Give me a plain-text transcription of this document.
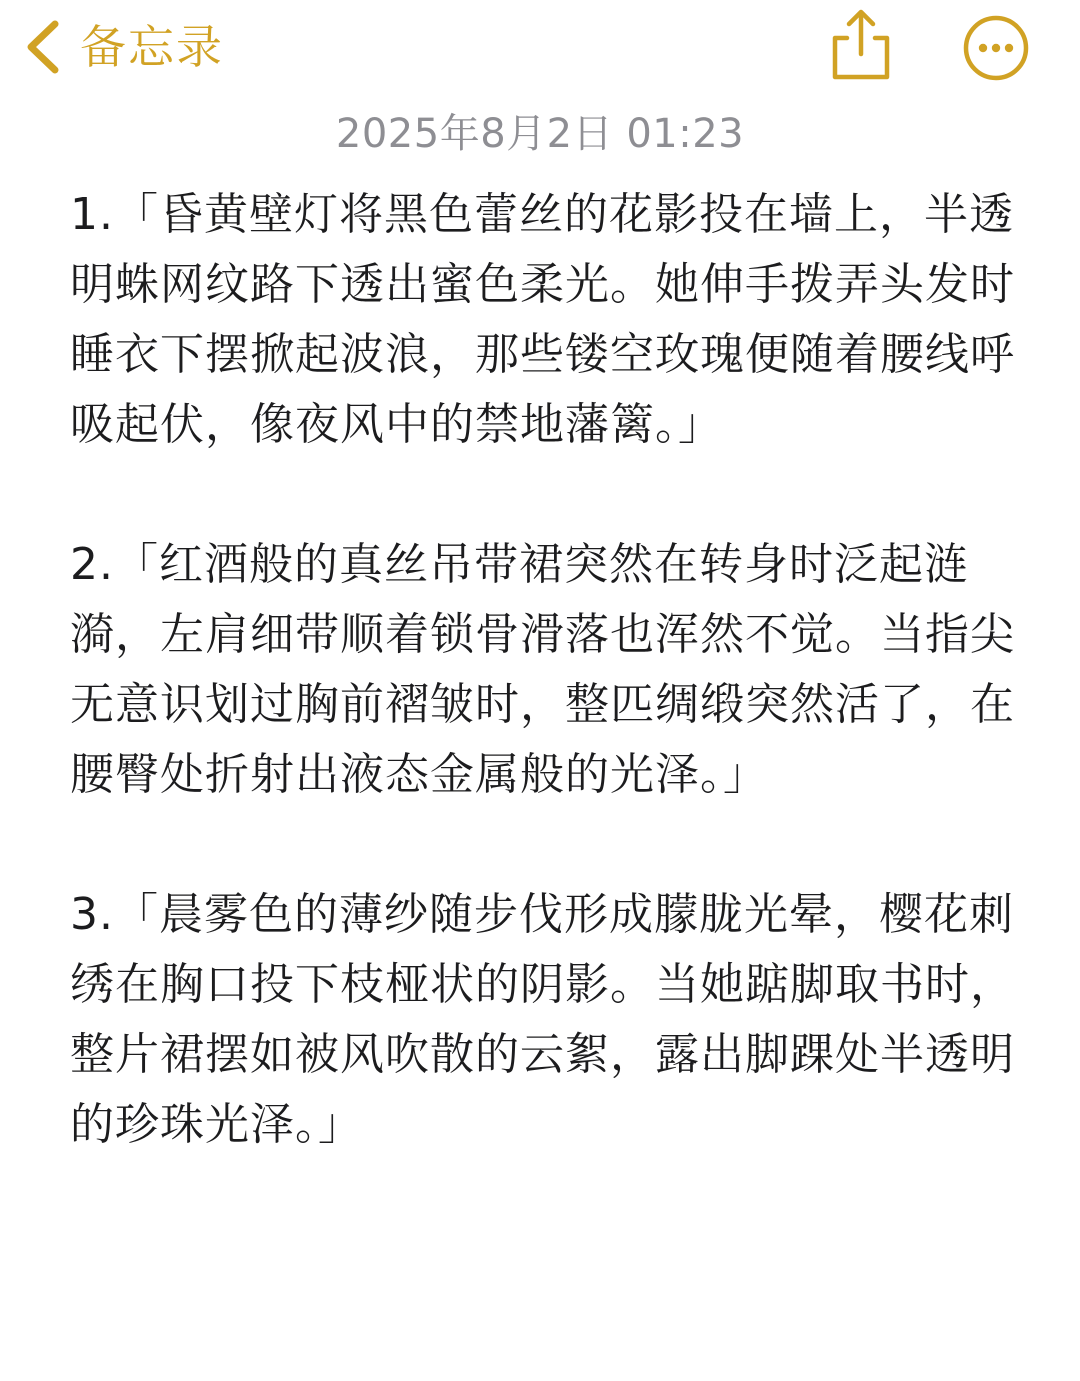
备忘录
2025年8月2日 01:23

1.「昏黄壁灯将黑色蕾丝的花影投在墙上，半透明蛛网纹路下透出蜜色柔光。她伸手拨弄头发时睡衣下摆掀起波浪，那些镂空玫瑰便随着腰线呼吸起伏，像夜风中的禁地藩篱。」

2.「红酒般的真丝吊带裙突然在转身时泛起涟漪，左肩细带顺着锁骨滑落也浑然不觉。当指尖无意识划过胸前褶皱时，整匹绸缎突然活了，在腰臀处折射出液态金属般的光泽。」

3.「晨雾色的薄纱随步伐形成朦胧光晕，樱花刺绣在胸口投下枝桠状的阴影。当她踮脚取书时，整片裙摆如被风吹散的云絮，露出脚踝处半透明的珍珠光泽。」
